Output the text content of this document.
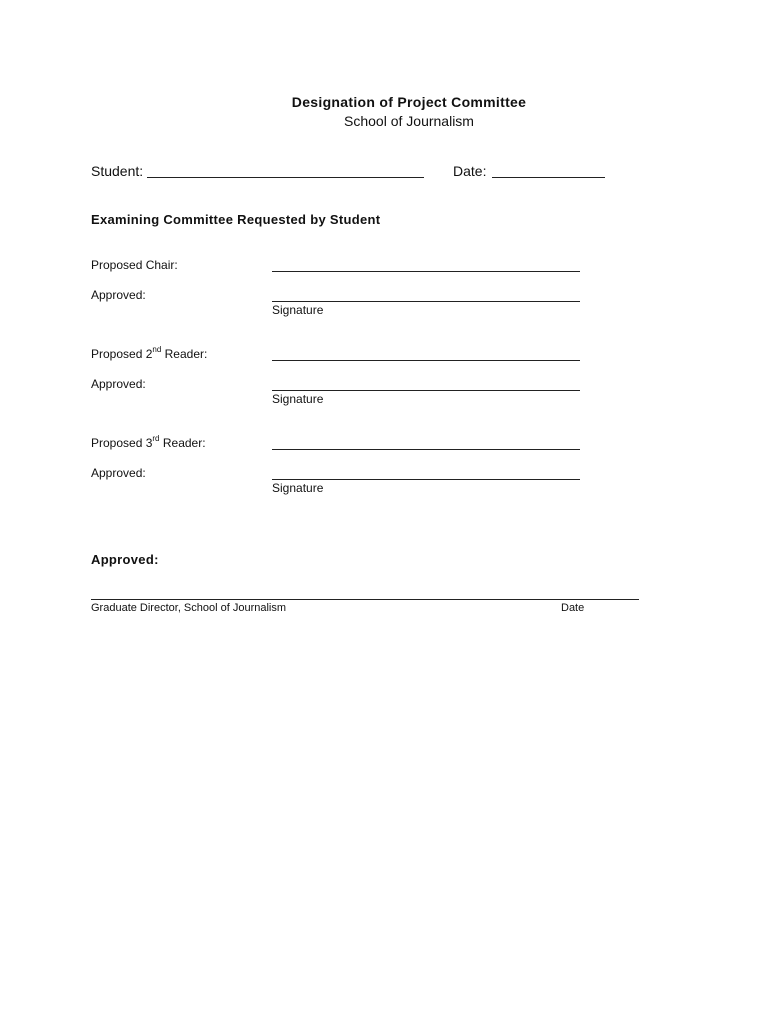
Designation of Project Committee
School of Journalism
Student:	Date:
Examining Committee Requested by Student
Proposed Chair:
Approved:
Signature
Proposed 2nd Reader:
Approved:
Signature
Proposed 3rd Reader:
Approved:
Signature
Approved:
Graduate Director, School of Journalism	Date
